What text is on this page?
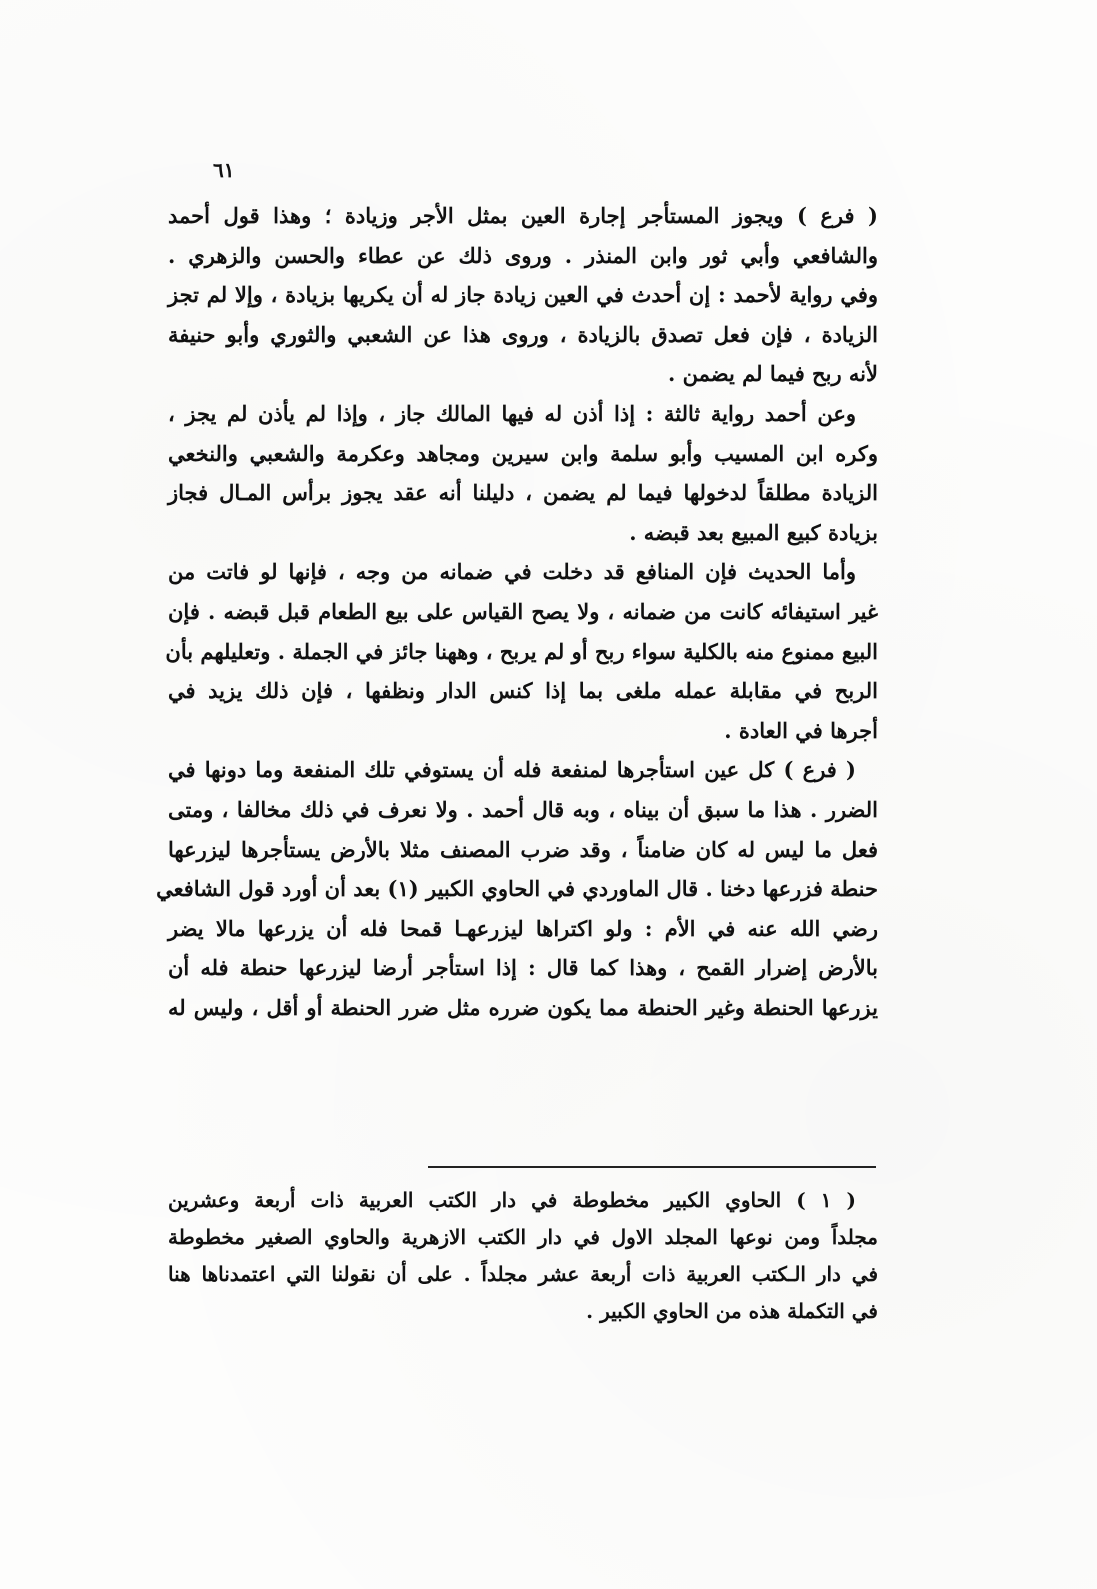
٦١

( فرع ) ويجوز المستأجر إجارة العين بمثل الأجر وزيادة ؛ وهذا قول أحمد
والشافعي وأبي ثور وابن المنذر . وروى ذلك عن عطاء والحسن والزهري .
وفي رواية لأحمد : إن أحدث في العين زيادة جاز له أن يكريها بزيادة ، وإلا لم تجز
الزيادة ، فإن فعل تصدق بالزيادة ، وروى هذا عن الشعبي والثوري وأبو حنيفة
لأنه ربح فيما لم يضمن .

وعن أحمد رواية ثالثة : إذا أذن له فيها المالك جاز ، وإذا لم يأذن لم يجز ،
وكره ابن المسيب وأبو سلمة وابن سيرين ومجاهد وعكرمة والشعبي والنخعي
الزيادة مطلقاً لدخولها فيما لم يضمن ، دليلنا أنه عقد يجوز برأس المـال فجاز
بزيادة كبيع المبيع بعد قبضه .

وأما الحديث فإن المنافع قد دخلت في ضمانه من وجه ، فإنها لو فاتت من
غير استيفائه كانت من ضمانه ، ولا يصح القياس على بيع الطعام قبل قبضه . فإن
البيع ممنوع منه بالكلية سواء ربح أو لم يربح ، وههنا جائز في الجملة . وتعليلهم بأن
الربح في مقابلة عمله ملغى بما إذا كنس الدار ونظفها ، فإن ذلك يزيد في
أجرها في العادة .

( فرع ) كل عين استأجرها لمنفعة فله أن يستوفي تلك المنفعة وما دونها في
الضرر . هذا ما سبق أن بيناه ، وبه قال أحمد . ولا نعرف في ذلك مخالفا ، ومتى
فعل ما ليس له كان ضامناً ، وقد ضرب المصنف مثلا بالأرض يستأجرها ليزرعها
حنطة فزرعها دخنا . قال الماوردي في الحاوي الكبير (١) بعد أن أورد قول الشافعي
رضي الله عنه في الأم : ولو اكتراها ليزرعهـا قمحا فله أن يزرعها مالا يضر
بالأرض إضرار القمح ، وهذا كما قال : إذا استأجر أرضا ليزرعها حنطة فله أن
يزرعها الحنطة وغير الحنطة مما يكون ضرره مثل ضرر الحنطة أو أقل ، وليس له

( ١ ) الحاوي الكبير مخطوطة في دار الكتب العربية ذات أربعة وعشرين
مجلداً ومن نوعها المجلد الاول في دار الكتب الازهرية والحاوي الصغير مخطوطة
في دار الـكتب العربية ذات أربعة عشر مجلداً . على أن نقولنا التي اعتمدناها هنا
في التكملة هذه من الحاوي الكبير .
